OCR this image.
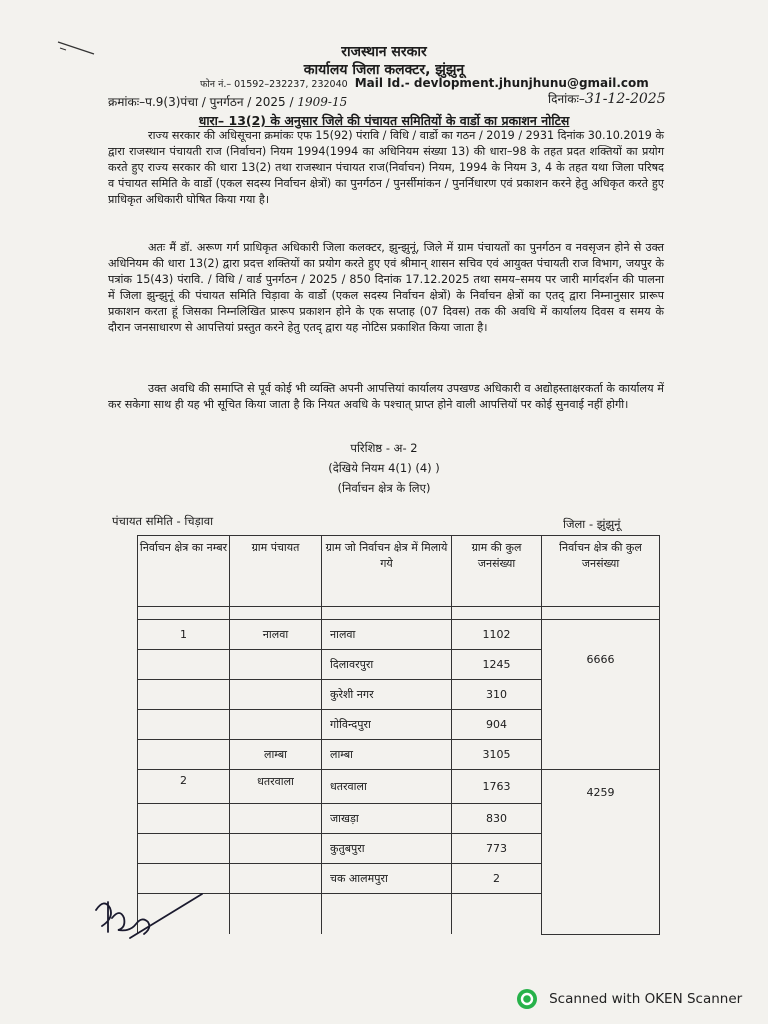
राजस्थान सरकार
कार्यालय जिला कलक्टर, झुंझुनू
फोन नं.– 01592–232237, 232040 Mail Id.- devlopment.jhunjhunu@gmail.com
क्रमांकः–प.9(3)पंचा / पुनर्गठन / 2025 / 1909-15	दिनांकः–31-12-2025
धारा– 13(2) के अनुसार जिले की पंचायत समितियों के वार्डो का प्रकाशन नोटिस

राज्य सरकार की अधिसूचना क्रमांकः एफ 15(92) पंरावि / विधि / वार्डो का गठन / 2019 / 2931 दिनांक 30.10.2019 के द्वारा राजस्थान पंचायती राज (निर्वाचन) नियम 1994(1994 का अधिनियम संख्या 13) की धारा–98 के तहत प्रदत शक्तियों का प्रयोग करते हुए राज्य सरकार की धारा 13(2) तथा राजस्थान पंचायत राज(निर्वाचन) नियम, 1994 के नियम 3, 4 के तहत यथा जिला परिषद व पंचायत समिति के वार्डो (एकल सदस्य निर्वाचन क्षेत्रों) का पुनर्गठन / पुनर्सीमांकन / पुनर्निधारण एवं प्रकाशन करने हेतु अधिकृत करते हुए प्राधिकृत अधिकारी घोषित किया गया है।

अतः मैं डॉ. अरूण गर्ग प्राधिकृत अधिकारी जिला कलक्टर, झुन्झुनूं, जिले में ग्राम पंचायतों का पुनर्गठन व नवसृजन होने से उक्त अधिनियम की धारा 13(2) द्वारा प्रदत्त शक्तियों का प्रयोग करते हुए एवं श्रीमान् शासन सचिव एवं आयुक्त पंचायती राज विभाग, जयपुर के पत्रांक 15(43) पंरावि. / विधि / वार्ड पुनर्गठन / 2025 / 850 दिनांक 17.12.2025 तथा समय–समय पर जारी मार्गदर्शन की पालना में जिला झुन्झुनूं की पंचायत समिति चिड़ावा के वार्डो (एकल सदस्य निर्वाचन क्षेत्रों) के निर्वाचन क्षेत्रों का एतद् द्वारा निम्नानुसार प्रारूप प्रकाशन करता हूं जिसका निम्नलिखित प्रारूप प्रकाशन होने के एक सप्ताह (07 दिवस) तक की अवधि में कार्यालय दिवस व समय के दौरान जनसाधारण से आपत्तियां प्रस्तुत करने हेतु एतद् द्वारा यह नोटिस प्रकाशित किया जाता है।

उक्त अवधि की समाप्ति से पूर्व कोई भी व्यक्ति अपनी आपत्तियां कार्यालय उपखण्ड अधिकारी व अद्योहस्ताक्षरकर्ता के कार्यालय में कर सकेगा साथ ही यह भी सूचित किया जाता है कि नियत अवधि के पश्चात् प्राप्त होने वाली आपत्तियों पर कोई सुनवाई नहीं होगी।

परिशिष्ठ - अ- 2
(देखिये नियम 4(1) (4) )
(निर्वाचन क्षेत्र के लिए)
पंचायत समिति - चिड़ावा	जिला - झुंझुनूं
निर्वाचन क्षेत्र का नम्बर	ग्राम पंचायत	ग्राम जो निर्वाचन क्षेत्र में मिलाये गये	ग्राम की कुल जनसंख्या	निर्वाचन क्षेत्र की कुल जनसंख्या

1	नालवा	नालवा	1102	6666
		दिलावरपुरा	1245	
		कुरेशी नगर	310	
		गोविन्दपुरा	904	
	लाम्बा	लाम्बा	3105	
2	धतरवाला	धतरवाला	1763	4259
		जाखड़ा	830	
		कुतुबपुरा	773	
		चक आलमपुरा	2	

Scanned with OKEN Scanner
